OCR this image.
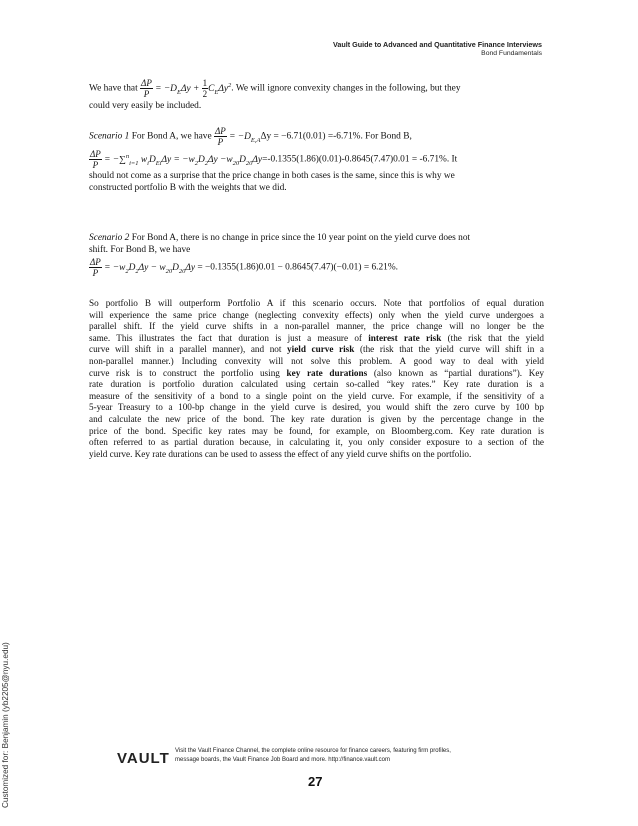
Vault Guide to Advanced and Quantitative Finance Interviews
Bond Fundamentals
We have that $\frac{\Delta P}{P} = -D_E\Delta y + \frac{1}{2} C_E\Delta y^2$. We will ignore convexity changes in the following, but they
could very easily be included.
Scenario 1 For Bond A, we have $\frac{\Delta P}{P} = -D_{E,A}\Delta y = -6.71(0.01) =-6.71\%$. For Bond B,
$\frac{\Delta P}{P} = -\sum^n_{i=1}$ $w_iD_{Ei}\Delta y = -w_2D_2\Delta y -w_{20}D_{20}\Delta y=-0.1355(1.86)(0.01)-0.8645(7.47)0.01 = -6.71\%$. It
should not come as a surprise that the price change in both cases is the same, since this is why we
constructed portfolio B with the weights that we did.
Scenario 2 For Bond A, there is no change in price since the 10 year point on the yield curve does not
shift. For Bond B, we have
$\frac{\Delta P}{P} = -w_2D_2\Delta y - w_{20}D_{20}\Delta y = -0.1355(1.86)0.01 - 0.8645(7.47)(-0.01) = 6.21\%$.
So portfolio B will outperform Portfolio A if this scenario occurs. Note that portfolios of equal duration
will experience the same price change (neglecting convexity effects) only when the yield curve undergoes a
parallel shift. If the yield curve shifts in a non-parallel manner, the price change will no longer be the
same. This illustrates the fact that duration is just a measure of interest rate risk (the risk that the yield
curve will shift in a parallel manner), and not yield curve risk (the risk that the yield curve will shift in a
non-parallel manner.) Including convexity will not solve this problem. A good way to deal with yield
curve risk is to construct the portfolio using key rate durations (also known as “partial durations”). Key
rate duration is portfolio duration calculated using certain so-called “key rates.” Key rate duration is a
measure of the sensitivity of a bond to a single point on the yield curve. For example, if the sensitivity of a
5-year Treasury to a 100-bp change in the yield curve is desired, you would shift the zero curve by 100 bp
and calculate the new price of the bond. The key rate duration is given by the percentage change in the
price of the bond. Specific key rates may be found, for example, on Bloomberg.com. Key rate duration is
often referred to as partial duration because, in calculating it, you only consider exposure to a section of the
yield curve. Key rate durations can be used to assess the effect of any yield curve shifts on the portfolio.
Customized for: Benjamin (yb2205@nyu.edu)	VAULT Visit the Vault Finance Channel, the complete online resource for finance careers, featuring firm profiles,
message boards, the Vault Finance Job Board and more. http://finance.vault.com
27
